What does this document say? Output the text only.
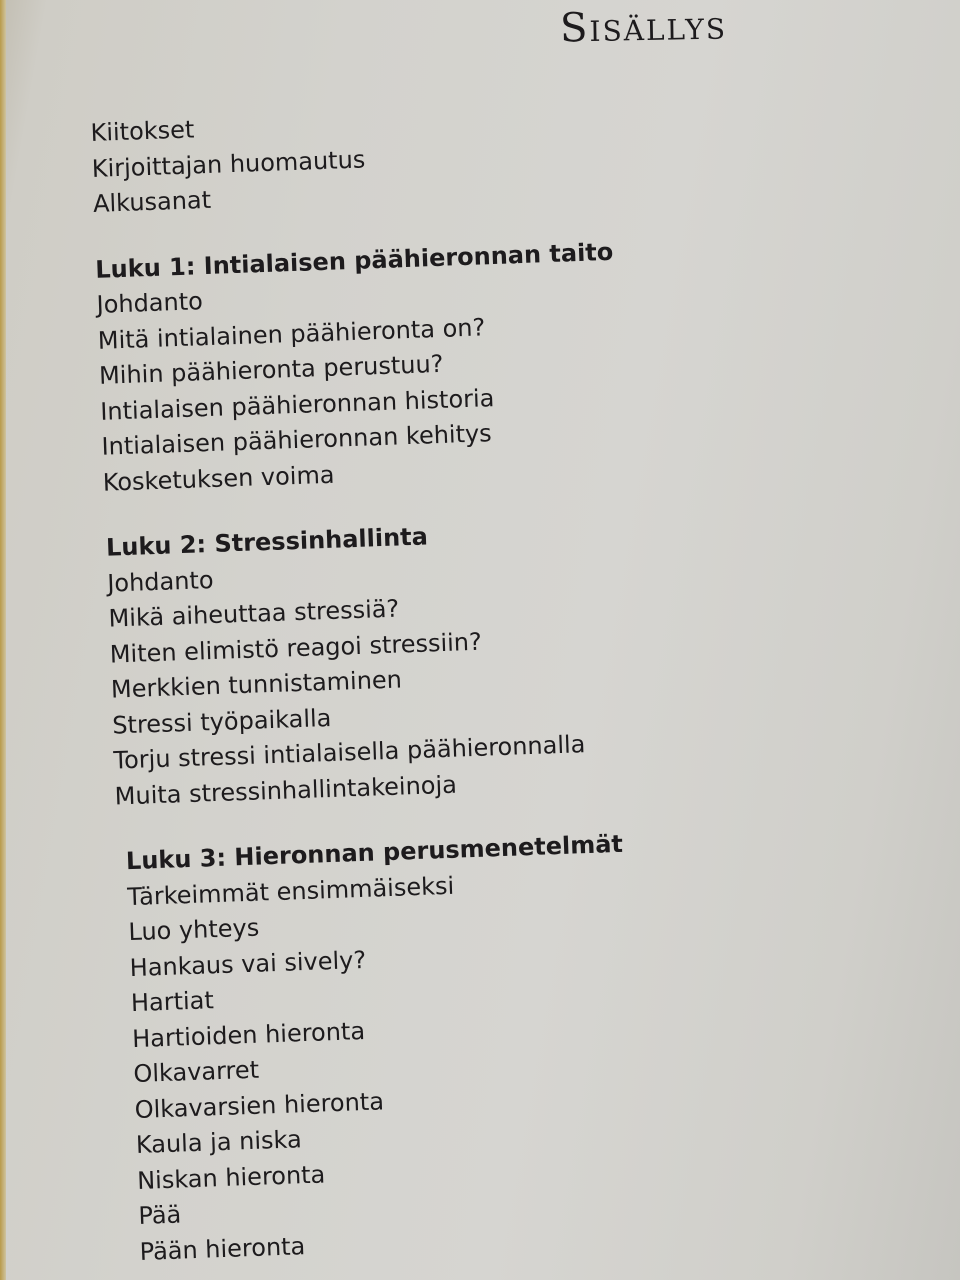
Sisällys
Kiitokset
Kirjoittajan huomautus
Alkusanat
Luku 1: Intialaisen päähieronnan taito
Johdanto
Mitä intialainen päähieronta on?
Mihin päähieronta perustuu?
Intialaisen päähieronnan historia
Intialaisen päähieronnan kehitys
Kosketuksen voima
Luku 2: Stressinhallinta
Johdanto
Mikä aiheuttaa stressiä?
Miten elimistö reagoi stressiin?
Merkkien tunnistaminen
Stressi työpaikalla
Torju stressi intialaisella päähieronnalla
Muita stressinhallintakeinoja
Luku 3: Hieronnan perusmenetelmät
Tärkeimmät ensimmäiseksi
Luo yhteys
Hankaus vai sively?
Hartiat
Hartioiden hieronta
Olkavarret
Olkavarsien hieronta
Kaula ja niska
Niskan hieronta
Pää
Pään hieronta
